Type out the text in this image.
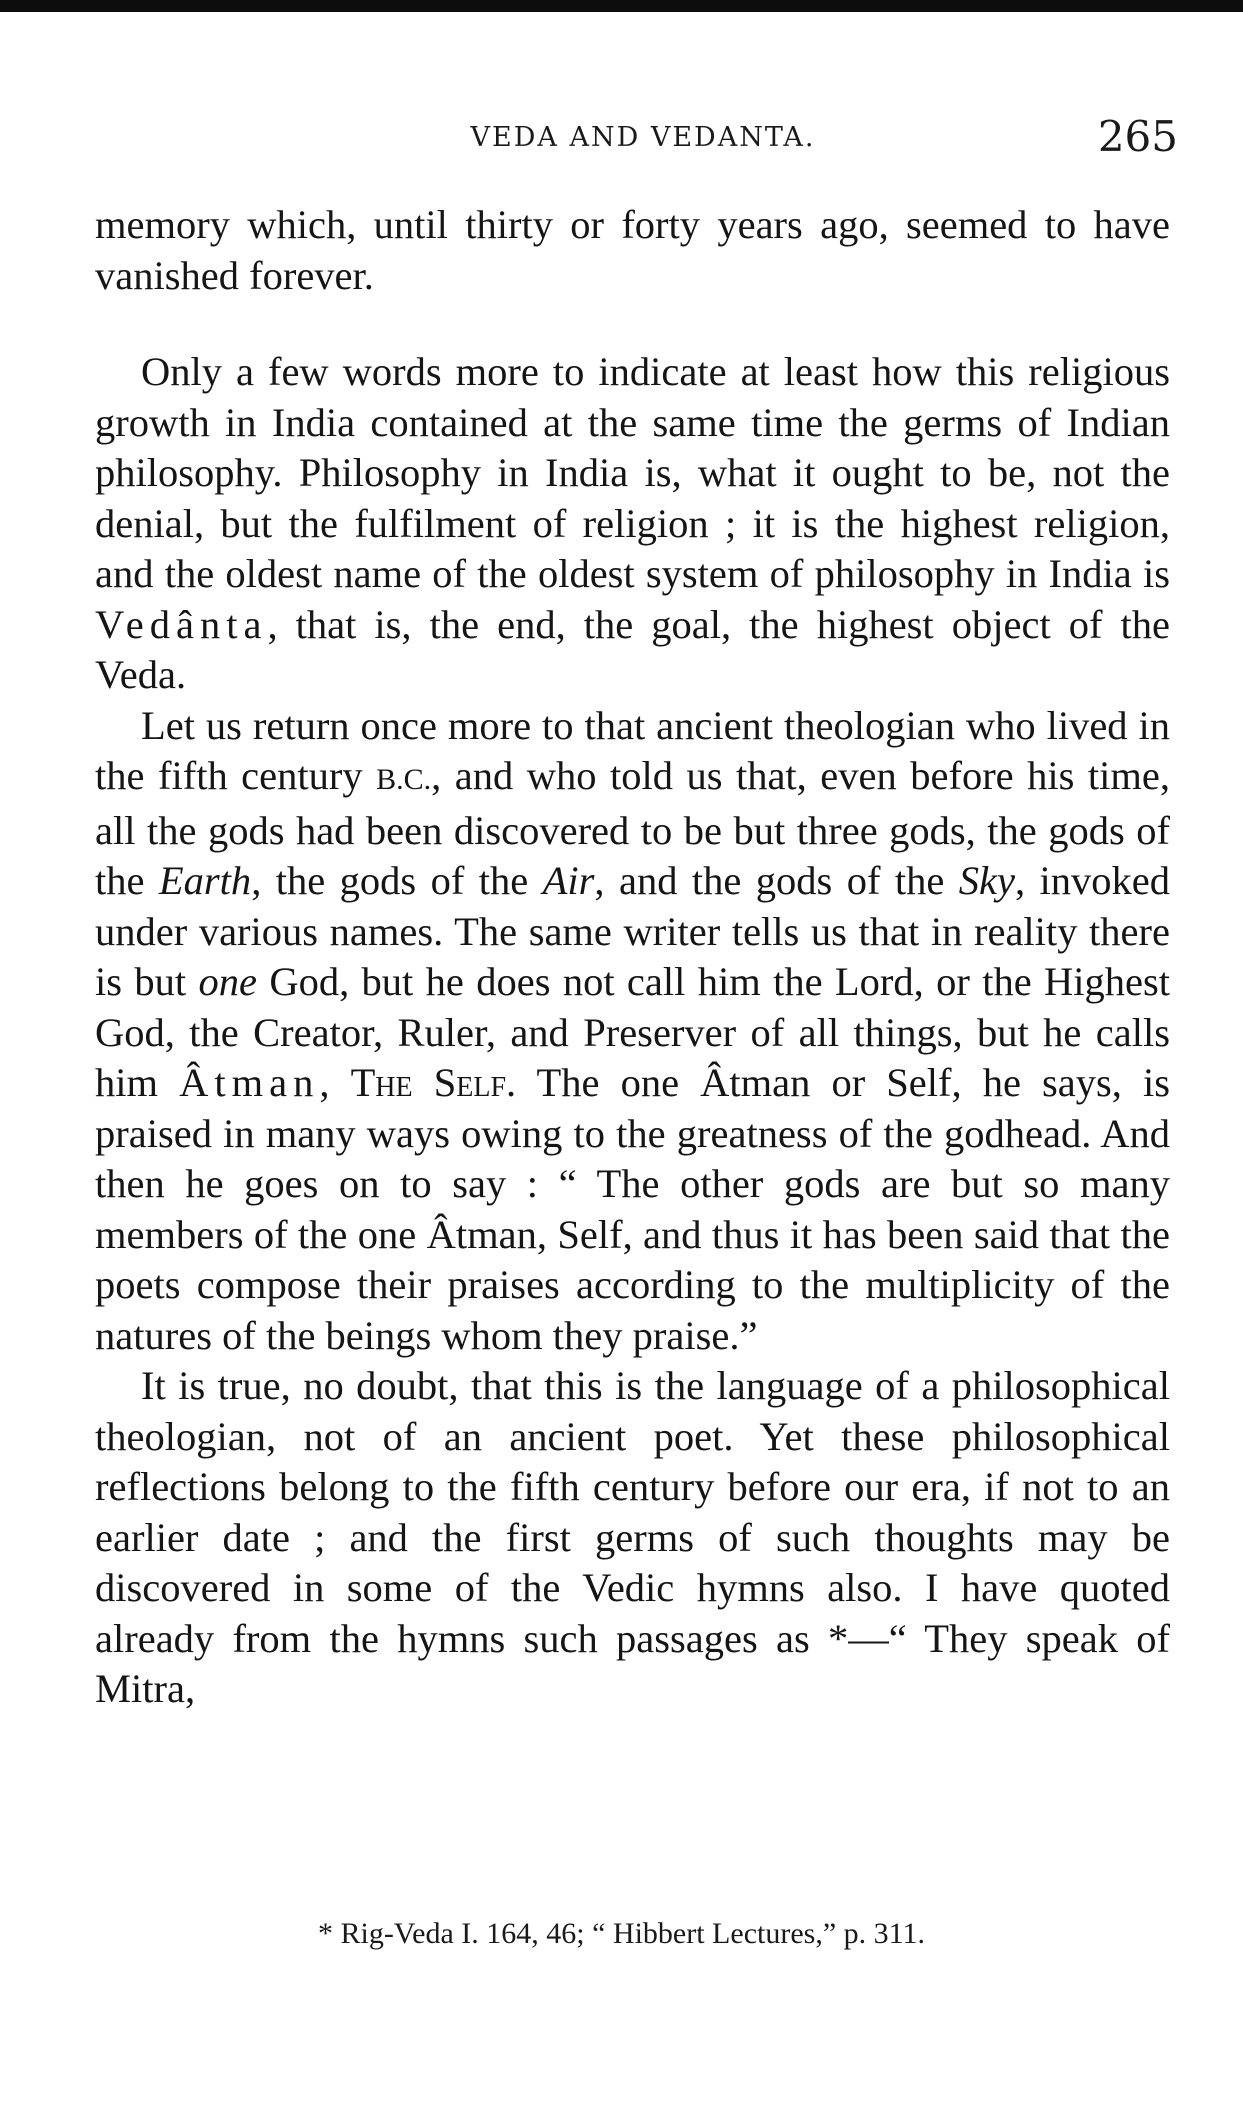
VEDA AND VEDANTA.	265

memory which, until thirty or forty years ago, seemed to have vanished forever.

Only a few words more to indicate at least how this religious growth in India contained at the same time the germs of Indian philosophy. Philosophy in India is, what it ought to be, not the denial, but the fulfilment of religion ; it is the highest religion, and the oldest name of the oldest system of philosophy in India is Vedânta, that is, the end, the goal, the highest object of the Veda.

Let us return once more to that ancient theologian who lived in the fifth century B.C., and who told us that, even before his time, all the gods had been discovered to be but three gods, the gods of the Earth, the gods of the Air, and the gods of the Sky, invoked under various names. The same writer tells us that in reality there is but one God, but he does not call him the Lord, or the Highest God, the Creator, Ruler, and Preserver of all things, but he calls him Âtman, The Self. The one Âtman or Self, he says, is praised in many ways owing to the greatness of the godhead. And then he goes on to say : “ The other gods are but so many members of the one Âtman, Self, and thus it has been said that the poets compose their praises according to the multiplicity of the natures of the beings whom they praise.”

It is true, no doubt, that this is the language of a philosophical theologian, not of an ancient poet. Yet these philosophical reflections belong to the fifth century before our era, if not to an earlier date ; and the first germs of such thoughts may be discovered in some of the Vedic hymns also. I have quoted already from the hymns such passages as *—“ They speak of Mitra,

* Rig-Veda I. 164, 46; “ Hibbert Lectures,” p. 311.
